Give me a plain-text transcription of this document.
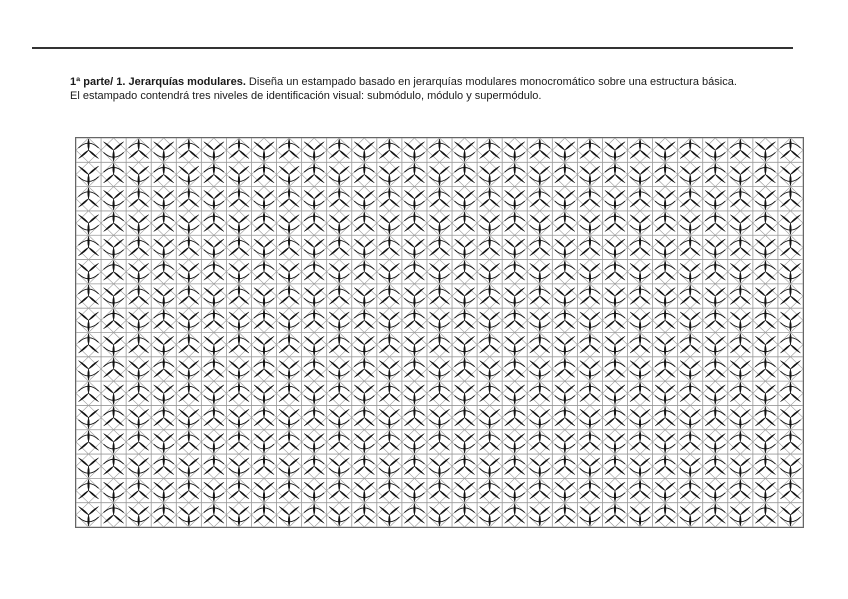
1ª parte/ 1. Jerarquías modulares. Diseña un estampado basado en jerarquías modulares monocromático sobre una estructura básica.
El estampado contendrá tres niveles de identificación visual: submódulo, módulo y supermódulo.
